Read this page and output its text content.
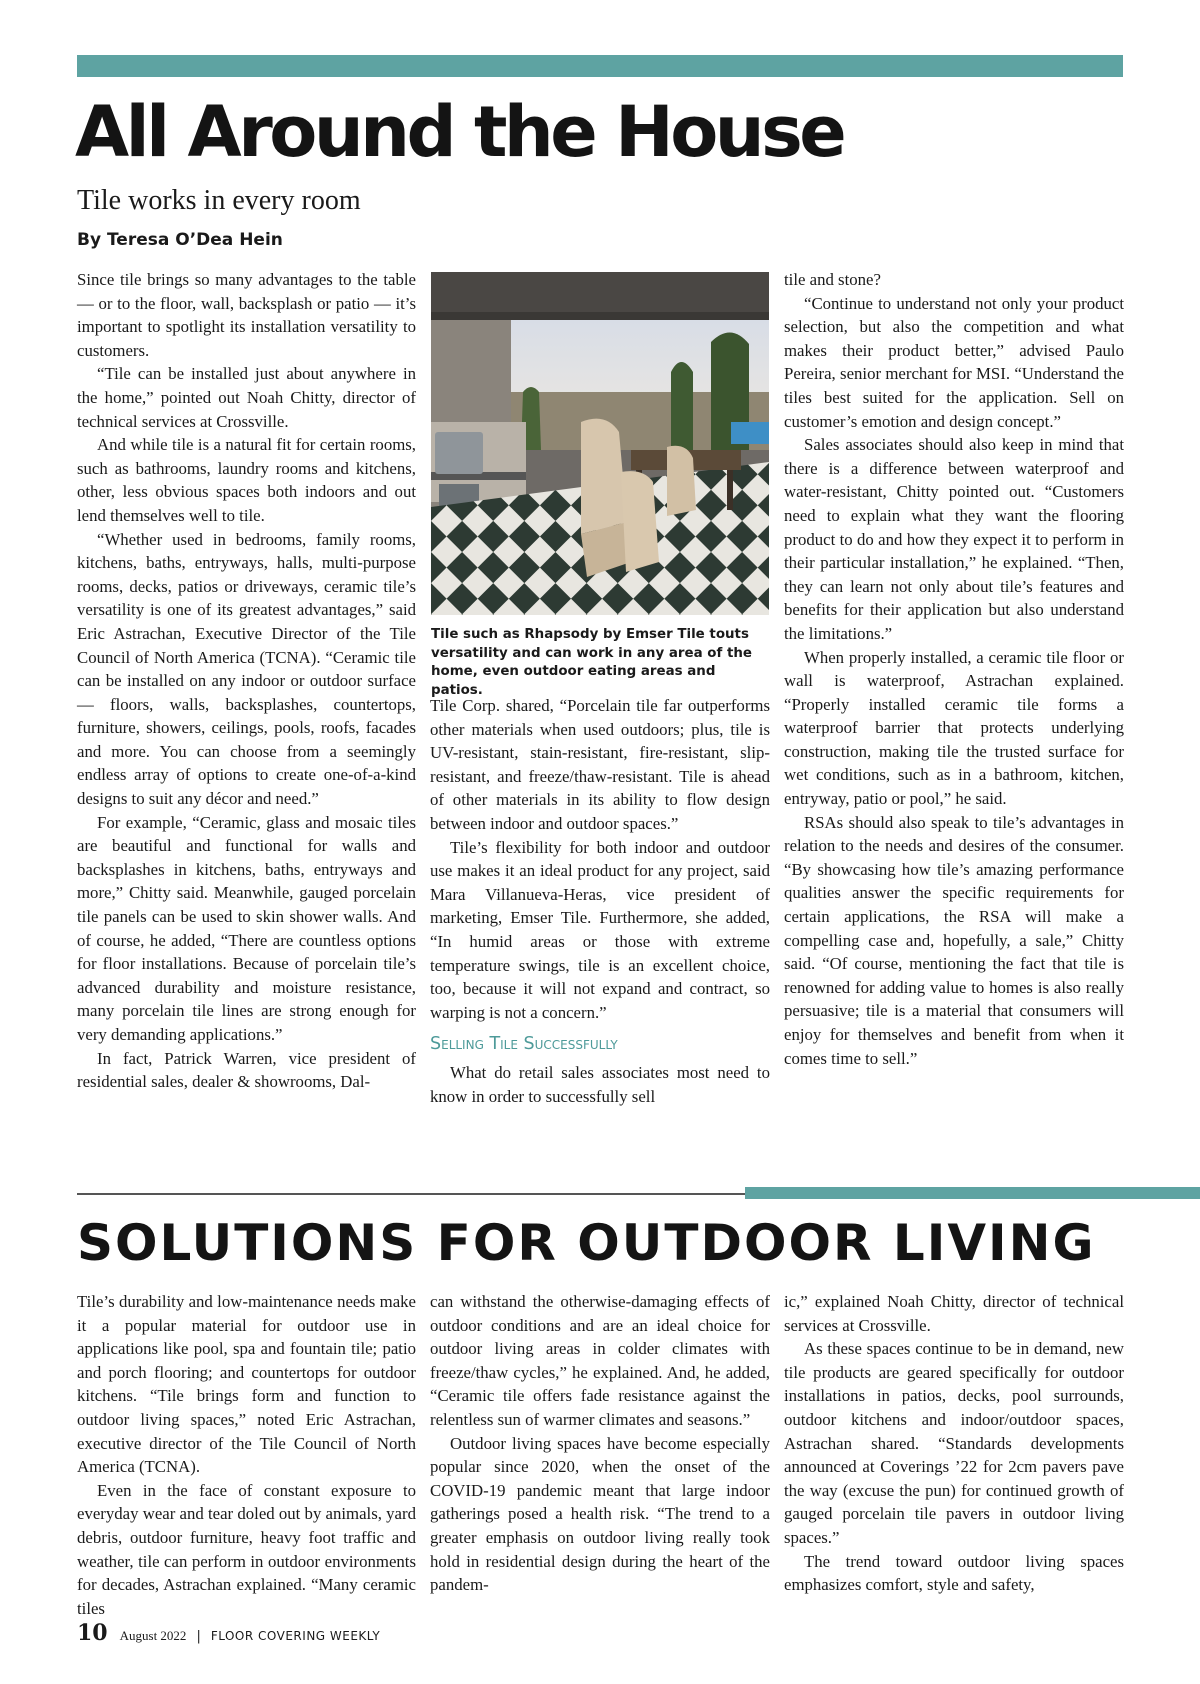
All Around the House
Tile works in every room
By Teresa O’Dea Hein

Since tile brings so many advantages to the table — or to the floor, wall, backsplash or patio — it’s important to spotlight its installation versatility to customers.

“Tile can be installed just about anywhere in the home,” pointed out Noah Chitty, director of technical services at Crossville.

And while tile is a natural fit for certain rooms, such as bathrooms, laundry rooms and kitchens, other, less obvious spaces both indoors and out lend themselves well to tile.

“Whether used in bedrooms, family rooms, kitchens, baths, entryways, halls, multi-purpose rooms, decks, patios or driveways, ceramic tile’s versatility is one of its greatest advantages,” said Eric Astrachan, Executive Director of the Tile Council of North America (TCNA). “Ceramic tile can be installed on any indoor or outdoor surface — floors, walls, backsplashes, countertops, furniture, showers, ceilings, pools, roofs, facades and more. You can choose from a seemingly endless array of options to create one-of-a-kind designs to suit any décor and need.”

For example, “Ceramic, glass and mosaic tiles are beautiful and functional for walls and backsplashes in kitchens, baths, entryways and more,” Chitty said. Meanwhile, gauged porcelain tile panels can be used to skin shower walls. And of course, he added, “There are countless options for floor installations. Because of porcelain tile’s advanced durability and moisture resistance, many porcelain tile lines are strong enough for very demanding applications.”

In fact, Patrick Warren, vice president of residential sales, dealer & showrooms, Dal-

Tile such as Rhapsody by Emser Tile touts versatility and can work in any area of the home, even outdoor eating areas and patios.

Tile Corp. shared, “Porcelain tile far outperforms other materials when used outdoors; plus, tile is UV-resistant, stain-resistant, fire-resistant, slip-resistant, and freeze/thaw-resistant. Tile is ahead of other materials in its ability to flow design between indoor and outdoor spaces.”

Tile’s flexibility for both indoor and outdoor use makes it an ideal product for any project, said Mara Villanueva-Heras, vice president of marketing, Emser Tile. Furthermore, she added, “In humid areas or those with extreme temperature swings, tile is an excellent choice, too, because it will not expand and contract, so warping is not a concern.”

Selling Tile Successfully

What do retail sales associates most need to know in order to successfully sell

tile and stone?

“Continue to understand not only your product selection, but also the competition and what makes their product better,” advised Paulo Pereira, senior merchant for MSI. “Understand the tiles best suited for the application. Sell on customer’s emotion and design concept.”

Sales associates should also keep in mind that there is a difference between waterproof and water-resistant, Chitty pointed out. “Customers need to explain what they want the flooring product to do and how they expect it to perform in their particular installation,” he explained. “Then, they can learn not only about tile’s features and benefits for their application but also understand the limitations.”

When properly installed, a ceramic tile floor or wall is waterproof, Astrachan explained. “Properly installed ceramic tile forms a waterproof barrier that protects underlying construction, making tile the trusted surface for wet conditions, such as in a bathroom, kitchen, entryway, patio or pool,” he said.

RSAs should also speak to tile’s advantages in relation to the needs and desires of the consumer. “By showcasing how tile’s amazing performance qualities answer the specific requirements for certain applications, the RSA will make a compelling case and, hopefully, a sale,” Chitty said. “Of course, mentioning the fact that tile is renowned for adding value to homes is also really persuasive; tile is a material that consumers will enjoy for themselves and benefit from when it comes time to sell.”

SOLUTIONS FOR OUTDOOR LIVING

Tile’s durability and low-maintenance needs make it a popular material for outdoor use in applications like pool, spa and fountain tile; patio and porch flooring; and countertops for outdoor kitchens. “Tile brings form and function to outdoor living spaces,” noted Eric Astrachan, executive director of the Tile Council of North America (TCNA).

Even in the face of constant exposure to everyday wear and tear doled out by animals, yard debris, outdoor furniture, heavy foot traffic and weather, tile can perform in outdoor environments for decades, Astrachan explained. “Many ceramic tiles

can withstand the otherwise-damaging effects of outdoor conditions and are an ideal choice for outdoor living areas in colder climates with freeze/thaw cycles,” he explained. And, he added, “Ceramic tile offers fade resistance against the relentless sun of warmer climates and seasons.”

Outdoor living spaces have become especially popular since 2020, when the onset of the COVID-19 pandemic meant that large indoor gatherings posed a health risk. “The trend to a greater emphasis on outdoor living really took hold in residential design during the heart of the pandem-

ic,” explained Noah Chitty, director of technical services at Crossville.

As these spaces continue to be in demand, new tile products are geared specifically for outdoor installations in patios, decks, pool surrounds, outdoor kitchens and indoor/outdoor spaces, Astrachan shared. “Standards developments announced at Coverings ’22 for 2cm pavers pave the way (excuse the pun) for continued growth of gauged porcelain tile pavers in outdoor living spaces.”

The trend toward outdoor living spaces emphasizes comfort, style and safety,

10 August 2022 | FLOOR COVERING WEEKLY
